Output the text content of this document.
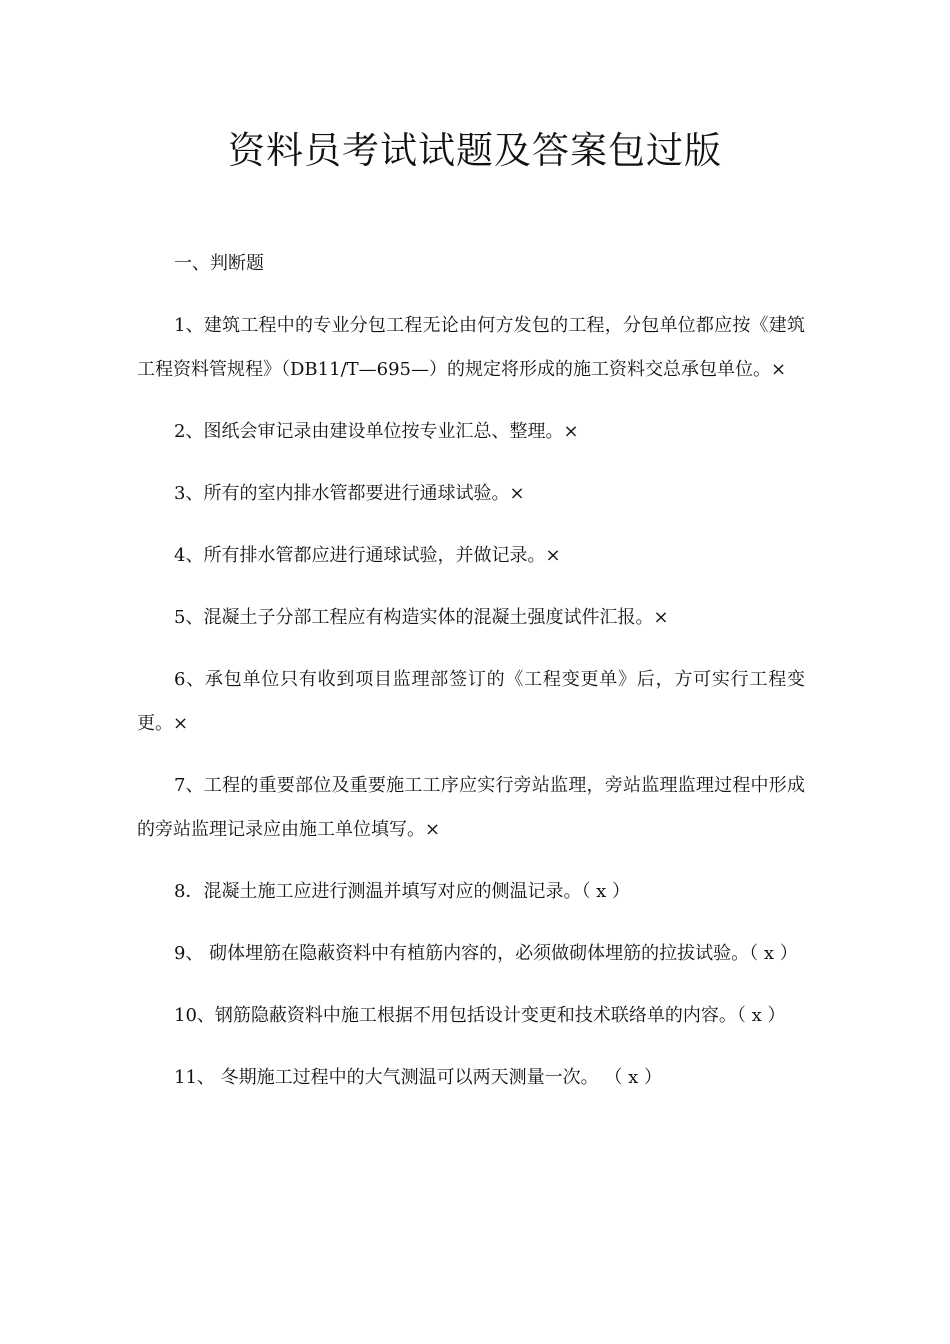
资料员考试试题及答案包过版

一、判断题

1、建筑工程中的专业分包工程无论由何方发包的工程，分包单位都应按《建筑工程资料管规程》（DB11/T—695—）的规定将形成的施工资料交总承包单位。×

2、图纸会审记录由建设单位按专业汇总、整理。×

3、所有的室内排水管都要进行通球试验。×

4、所有排水管都应进行通球试验，并做记录。×

5、混凝土子分部工程应有构造实体的混凝土强度试件汇报。×

6、承包单位只有收到项目监理部签订的《工程变更单》后，方可实行工程变更。×

7、工程的重要部位及重要施工工序应实行旁站监理，旁站监理监理过程中形成的旁站监理记录应由施工单位填写。×

8．混凝土施工应进行测温并填写对应的侧温记录。（ x ）

9、 砌体埋筋在隐蔽资料中有植筋内容的，必须做砌体埋筋的拉拔试验。（ x ）

10、钢筋隐蔽资料中施工根据不用包括设计变更和技术联络单的内容。（ x ）

11、 冬期施工过程中的大气测温可以两天测量一次。 （ x ）
